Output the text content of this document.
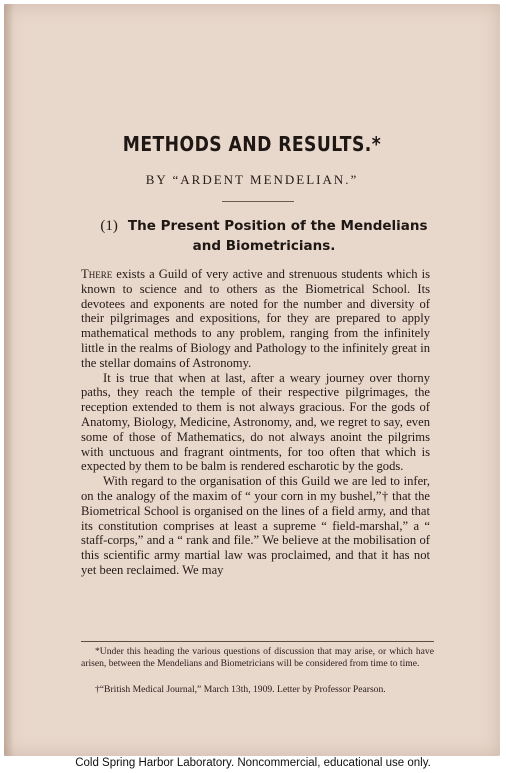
METHODS AND RESULTS.*
BY “ARDENT MENDELIAN.”
(1) The Present Position of the Mendelians and Biometricians.

There exists a Guild of very active and strenuous students which is known to science and to others as the Biometrical School. Its devotees and exponents are noted for the number and diversity of their pilgrimages and expositions, for they are prepared to apply mathematical methods to any problem, ranging from the infinitely little in the realms of Biology and Pathology to the infinitely great in the stellar domains of Astronomy.

It is true that when at last, after a weary journey over thorny paths, they reach the temple of their respective pilgrimages, the reception extended to them is not always gracious. For the gods of Anatomy, Biology, Medicine, Astronomy, and, we regret to say, even some of those of Mathematics, do not always anoint the pilgrims with unctuous and fragrant ointments, for too often that which is expected by them to be balm is rendered escharotic by the gods.

With regard to the organisation of this Guild we are led to infer, on the analogy of the maxim of “ your corn in my bushel,”† that the Biometrical School is organised on the lines of a field army, and that its constitution comprises at least a supreme “ field-marshal,” a “ staff-corps,” and a “ rank and file.” We believe at the mobilisation of this scientific army martial law was proclaimed, and that it has not yet been reclaimed. We may

*Under this heading the various questions of discussion that may arise, or which have arisen, between the Mendelians and Biometricians will be considered from time to time.
†“British Medical Journal,” March 13th, 1909. Letter by Professor Pearson.
Cold Spring Harbor Laboratory. Noncommercial, educational use only.
